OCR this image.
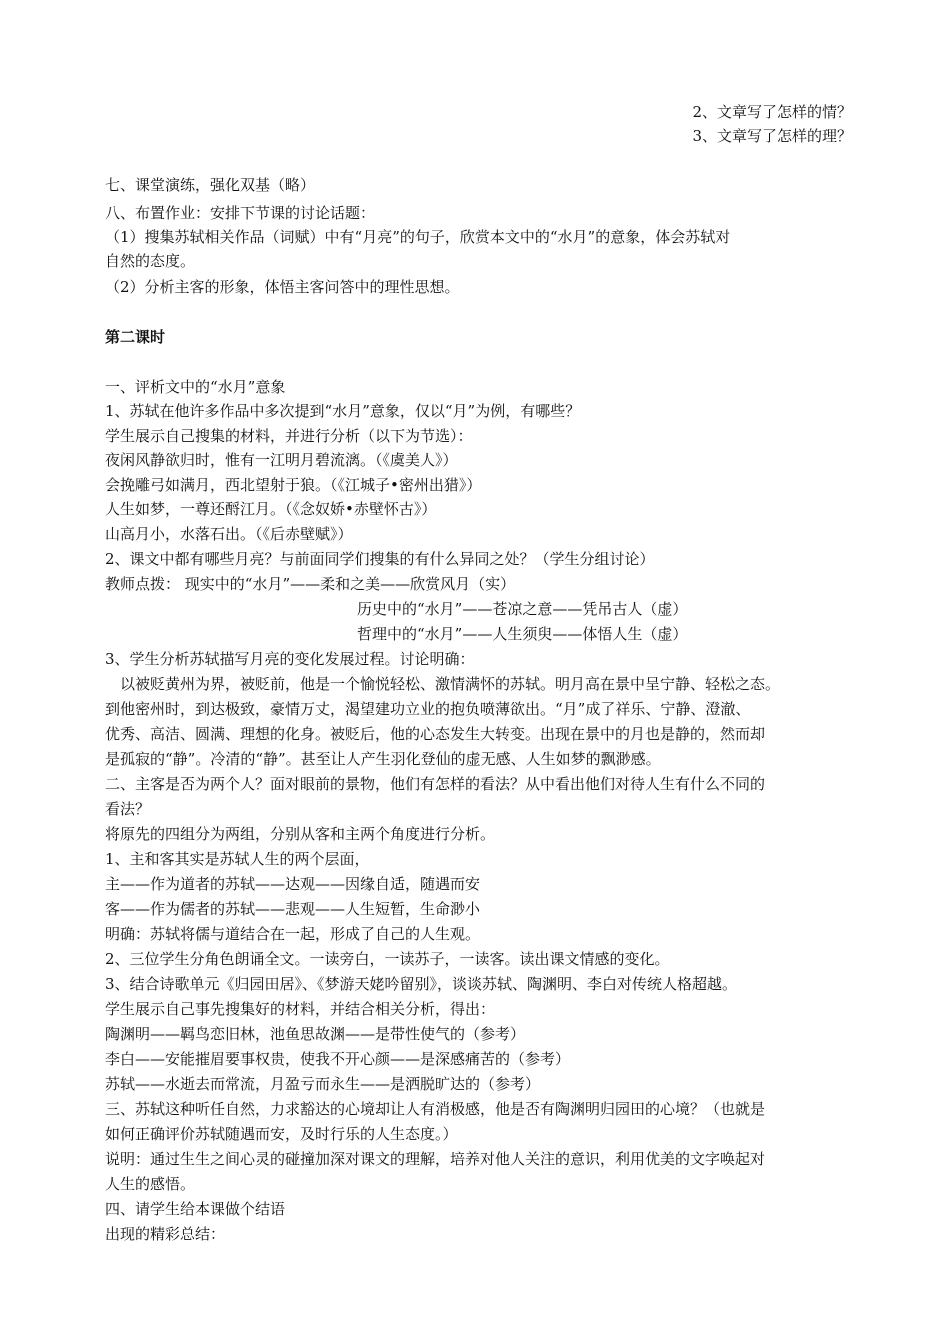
2、文章写了怎样的情？
3、文章写了怎样的理？
七、课堂演练，强化双基（略）
八、布置作业：安排下节课的讨论话题：
（1）搜集苏轼相关作品（词赋）中有“月亮”的句子，欣赏本文中的“水月”的意象，体会苏轼对
自然的态度。
（2）分析主客的形象，体悟主客问答中的理性思想。
第二课时
一、评析文中的“水月”意象
1、苏轼在他许多作品中多次提到“水月”意象，仅以“月”为例，有哪些？
学生展示自己搜集的材料，并进行分析（以下为节选）：
夜闲风静欲归时，惟有一江明月碧流漓。（《虞美人》）
会挽雕弓如满月，西北望射于狼。（《江城子•密州出猎》）
人生如梦，一尊还酹江月。（《念奴娇•赤壁怀古》）
山高月小，水落石出。（《后赤壁赋》）
2、课文中都有哪些月亮？与前面同学们搜集的有什么异同之处？（学生分组讨论）
教师点拨： 现实中的“水月”——柔和之美——欣赏风月（实）
历史中的“水月”——苍凉之意——凭吊古人（虚）
哲理中的“水月”——人生须臾——体悟人生（虚）
3、学生分析苏轼描写月亮的变化发展过程。讨论明确：
以被贬黄州为界，被贬前，他是一个愉悦轻松、激情满怀的苏轼。明月高在景中呈宁静、轻松之态。
到他密州时，到达极致，豪情万丈，渴望建功立业的抱负喷薄欲出。“月”成了祥乐、宁静、澄澈、
优秀、高洁、圆满、理想的化身。被贬后，他的心态发生大转变。出现在景中的月也是静的，然而却
是孤寂的“静”。冷清的“静”。甚至让人产生羽化登仙的虚无感、人生如梦的飘渺感。
二、主客是否为两个人？面对眼前的景物，他们有怎样的看法？从中看出他们对待人生有什么不同的
看法？
将原先的四组分为两组，分别从客和主两个角度进行分析。
1、主和客其实是苏轼人生的两个层面，
主——作为道者的苏轼——达观——因缘自适，随遇而安
客——作为儒者的苏轼——悲观——人生短暂，生命渺小
明确：苏轼将儒与道结合在一起，形成了自己的人生观。
2、三位学生分角色朗诵全文。一读旁白，一读苏子，一读客。读出课文情感的变化。
3、结合诗歌单元《归园田居》、《梦游天姥吟留别》，谈谈苏轼、陶渊明、李白对传统人格超越。
学生展示自己事先搜集好的材料，并结合相关分析，得出：
陶渊明——羁鸟恋旧林，池鱼思故渊——是带性使气的（参考）
李白——安能摧眉要事权贵，使我不开心颜——是深感痛苦的（参考）
苏轼——水逝去而常流，月盈亏而永生——是洒脱旷达的（参考）
三、苏轼这种听任自然，力求豁达的心境却让人有消极感，他是否有陶渊明归园田的心境？（也就是
如何正确评价苏轼随遇而安，及时行乐的人生态度。）
说明：通过生生之间心灵的碰撞加深对课文的理解，培养对他人关注的意识，利用优美的文字唤起对
人生的感悟。
四、请学生给本课做个结语
出现的精彩总结：
